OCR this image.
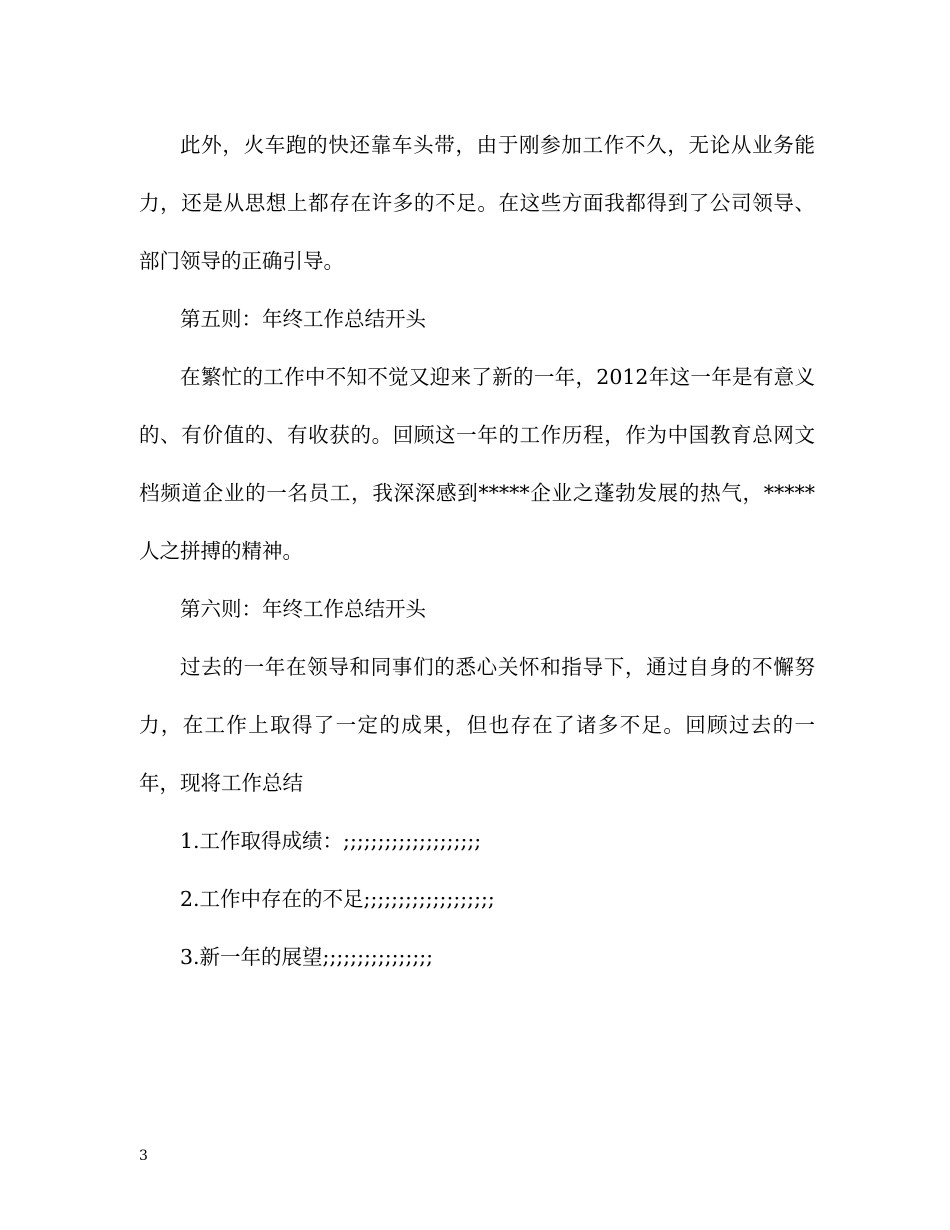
此外，火车跑的快还靠车头带，由于刚参加工作不久，无论从业务能力，还是从思想上都存在许多的不足。在这些方面我都得到了公司领导、部门领导的正确引导。

第五则：年终工作总结开头

在繁忙的工作中不知不觉又迎来了新的一年，2012年这一年是有意义的、有价值的、有收获的。回顾这一年的工作历程，作为中国教育总网文档频道企业的一名员工，我深深感到*****企业之蓬勃发展的热气，*****人之拼搏的精神。

第六则：年终工作总结开头

过去的一年在领导和同事们的悉心关怀和指导下，通过自身的不懈努力，在工作上取得了一定的成果，但也存在了诸多不足。回顾过去的一年，现将工作总结

1.工作取得成绩：;;;;;;;;;;;;;;;;;;;;

2.工作中存在的不足;;;;;;;;;;;;;;;;;;;

3.新一年的展望;;;;;;;;;;;;;;;;

3
